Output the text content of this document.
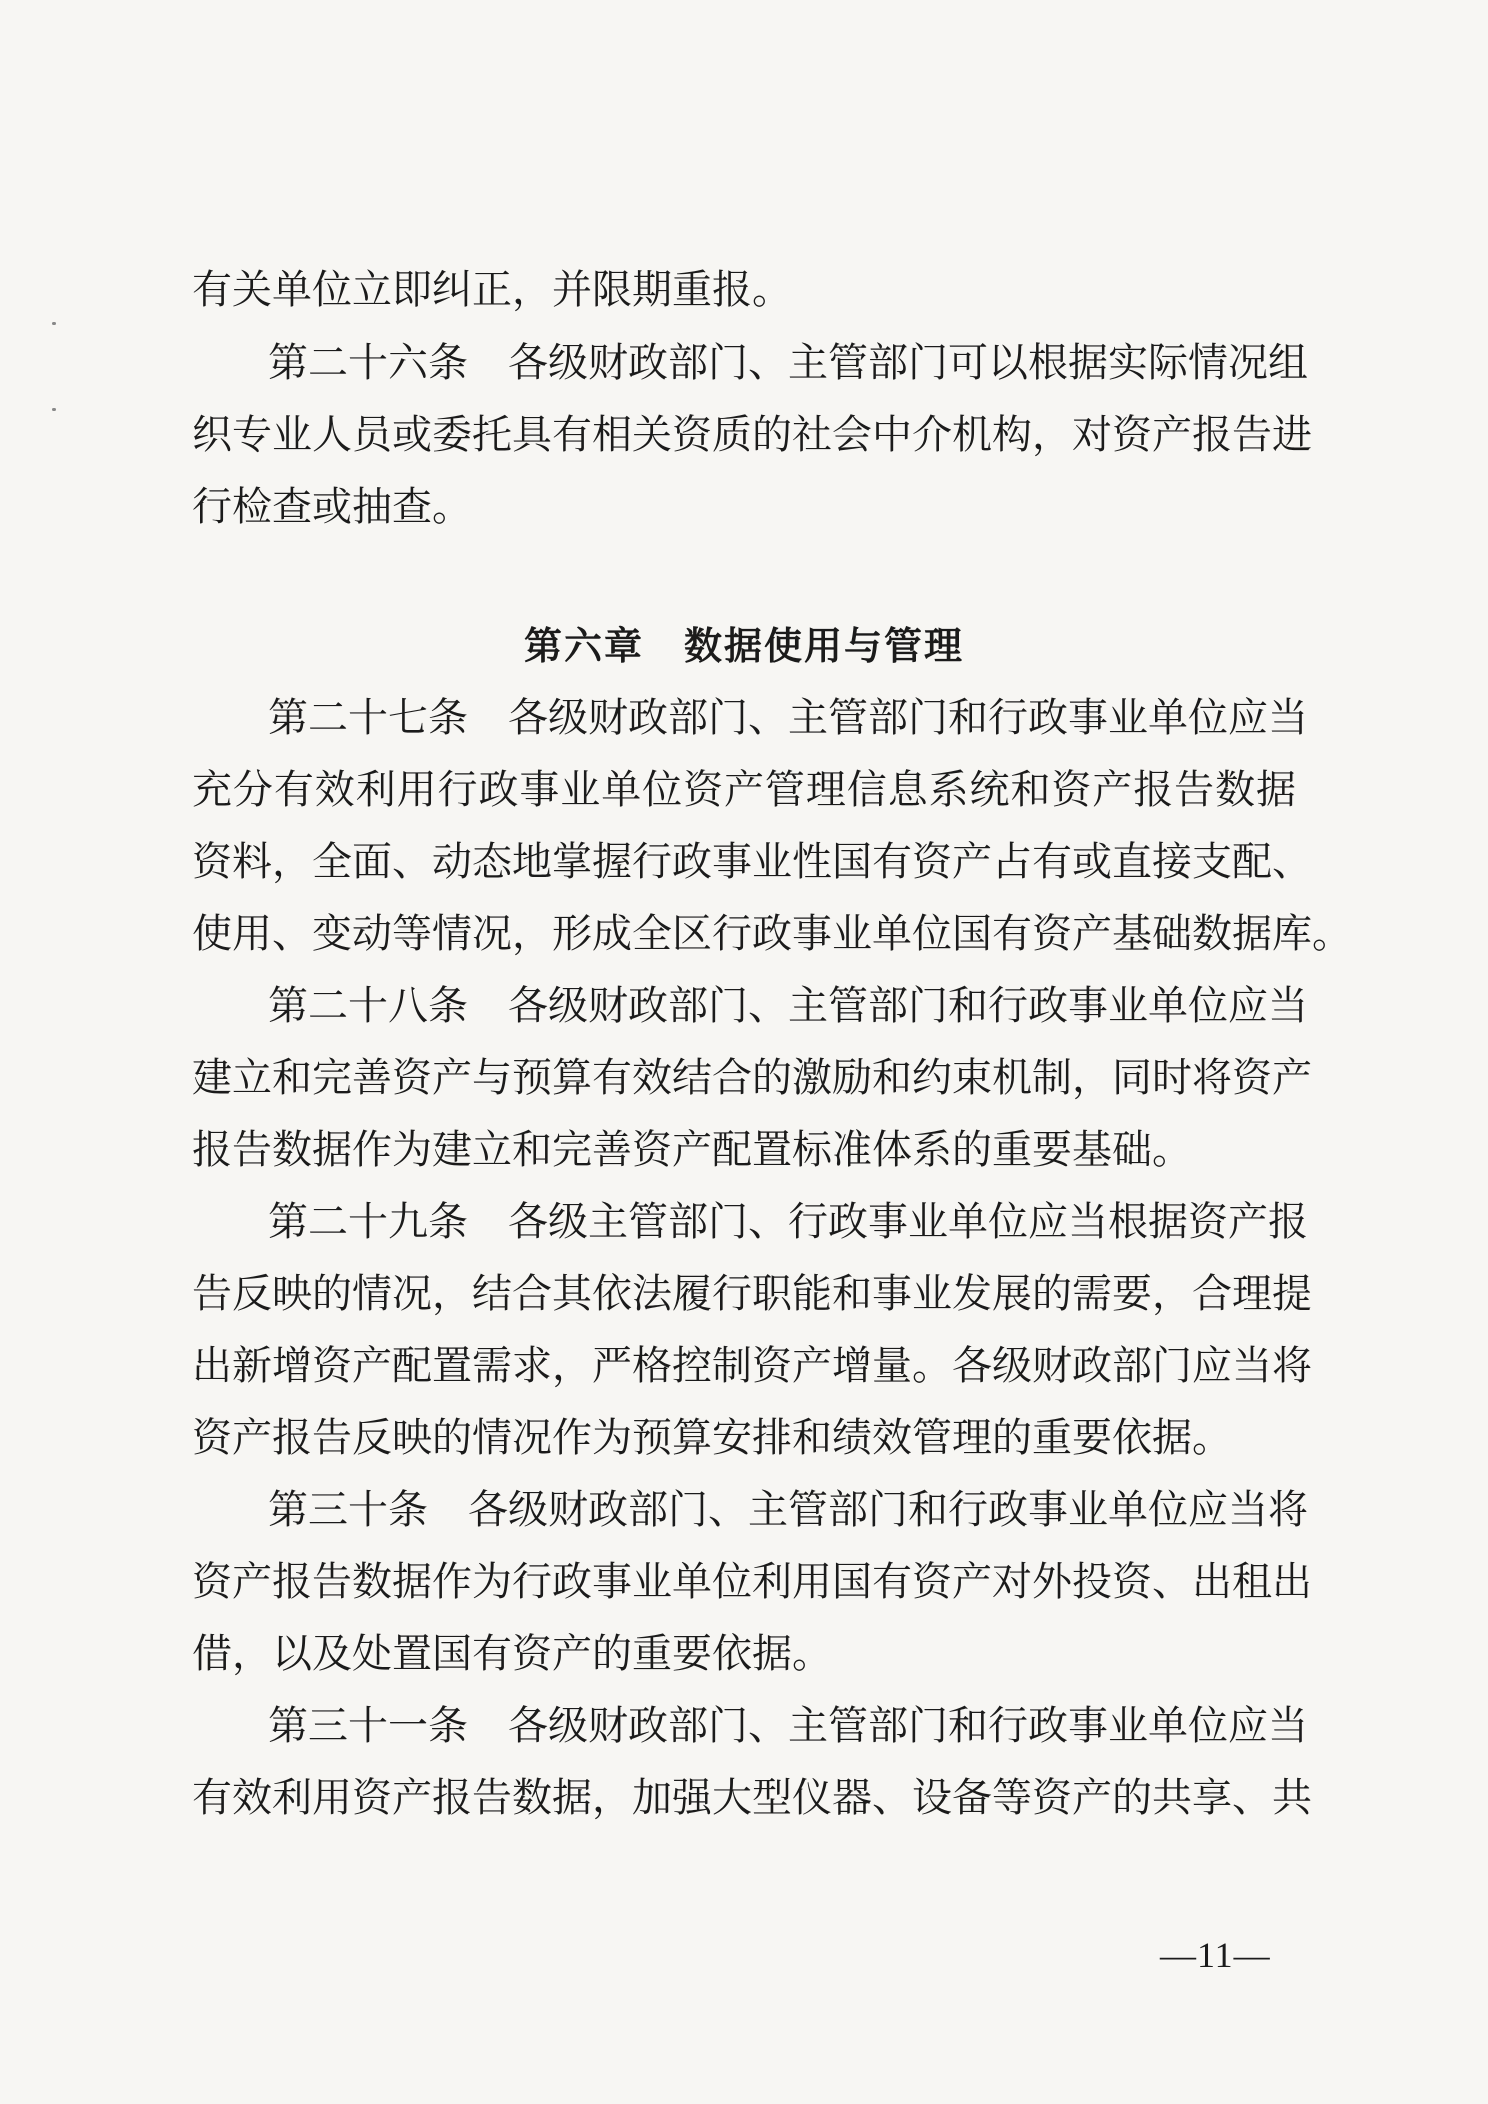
有关单位立即纠正，并限期重报。
第二十六条　各级财政部门、主管部门可以根据实际情况组
织专业人员或委托具有相关资质的社会中介机构，对资产报告进
行检查或抽查。
第六章　数据使用与管理
第二十七条　各级财政部门、主管部门和行政事业单位应当
充分有效利用行政事业单位资产管理信息系统和资产报告数据
资料，全面、动态地掌握行政事业性国有资产占有或直接支配、
使用、变动等情况，形成全区行政事业单位国有资产基础数据库。
第二十八条　各级财政部门、主管部门和行政事业单位应当
建立和完善资产与预算有效结合的激励和约束机制，同时将资产
报告数据作为建立和完善资产配置标准体系的重要基础。
第二十九条　各级主管部门、行政事业单位应当根据资产报
告反映的情况，结合其依法履行职能和事业发展的需要，合理提
出新增资产配置需求，严格控制资产增量。各级财政部门应当将
资产报告反映的情况作为预算安排和绩效管理的重要依据。
第三十条　各级财政部门、主管部门和行政事业单位应当将
资产报告数据作为行政事业单位利用国有资产对外投资、出租出
借，以及处置国有资产的重要依据。
第三十一条　各级财政部门、主管部门和行政事业单位应当
有效利用资产报告数据，加强大型仪器、设备等资产的共享、共
—11—
